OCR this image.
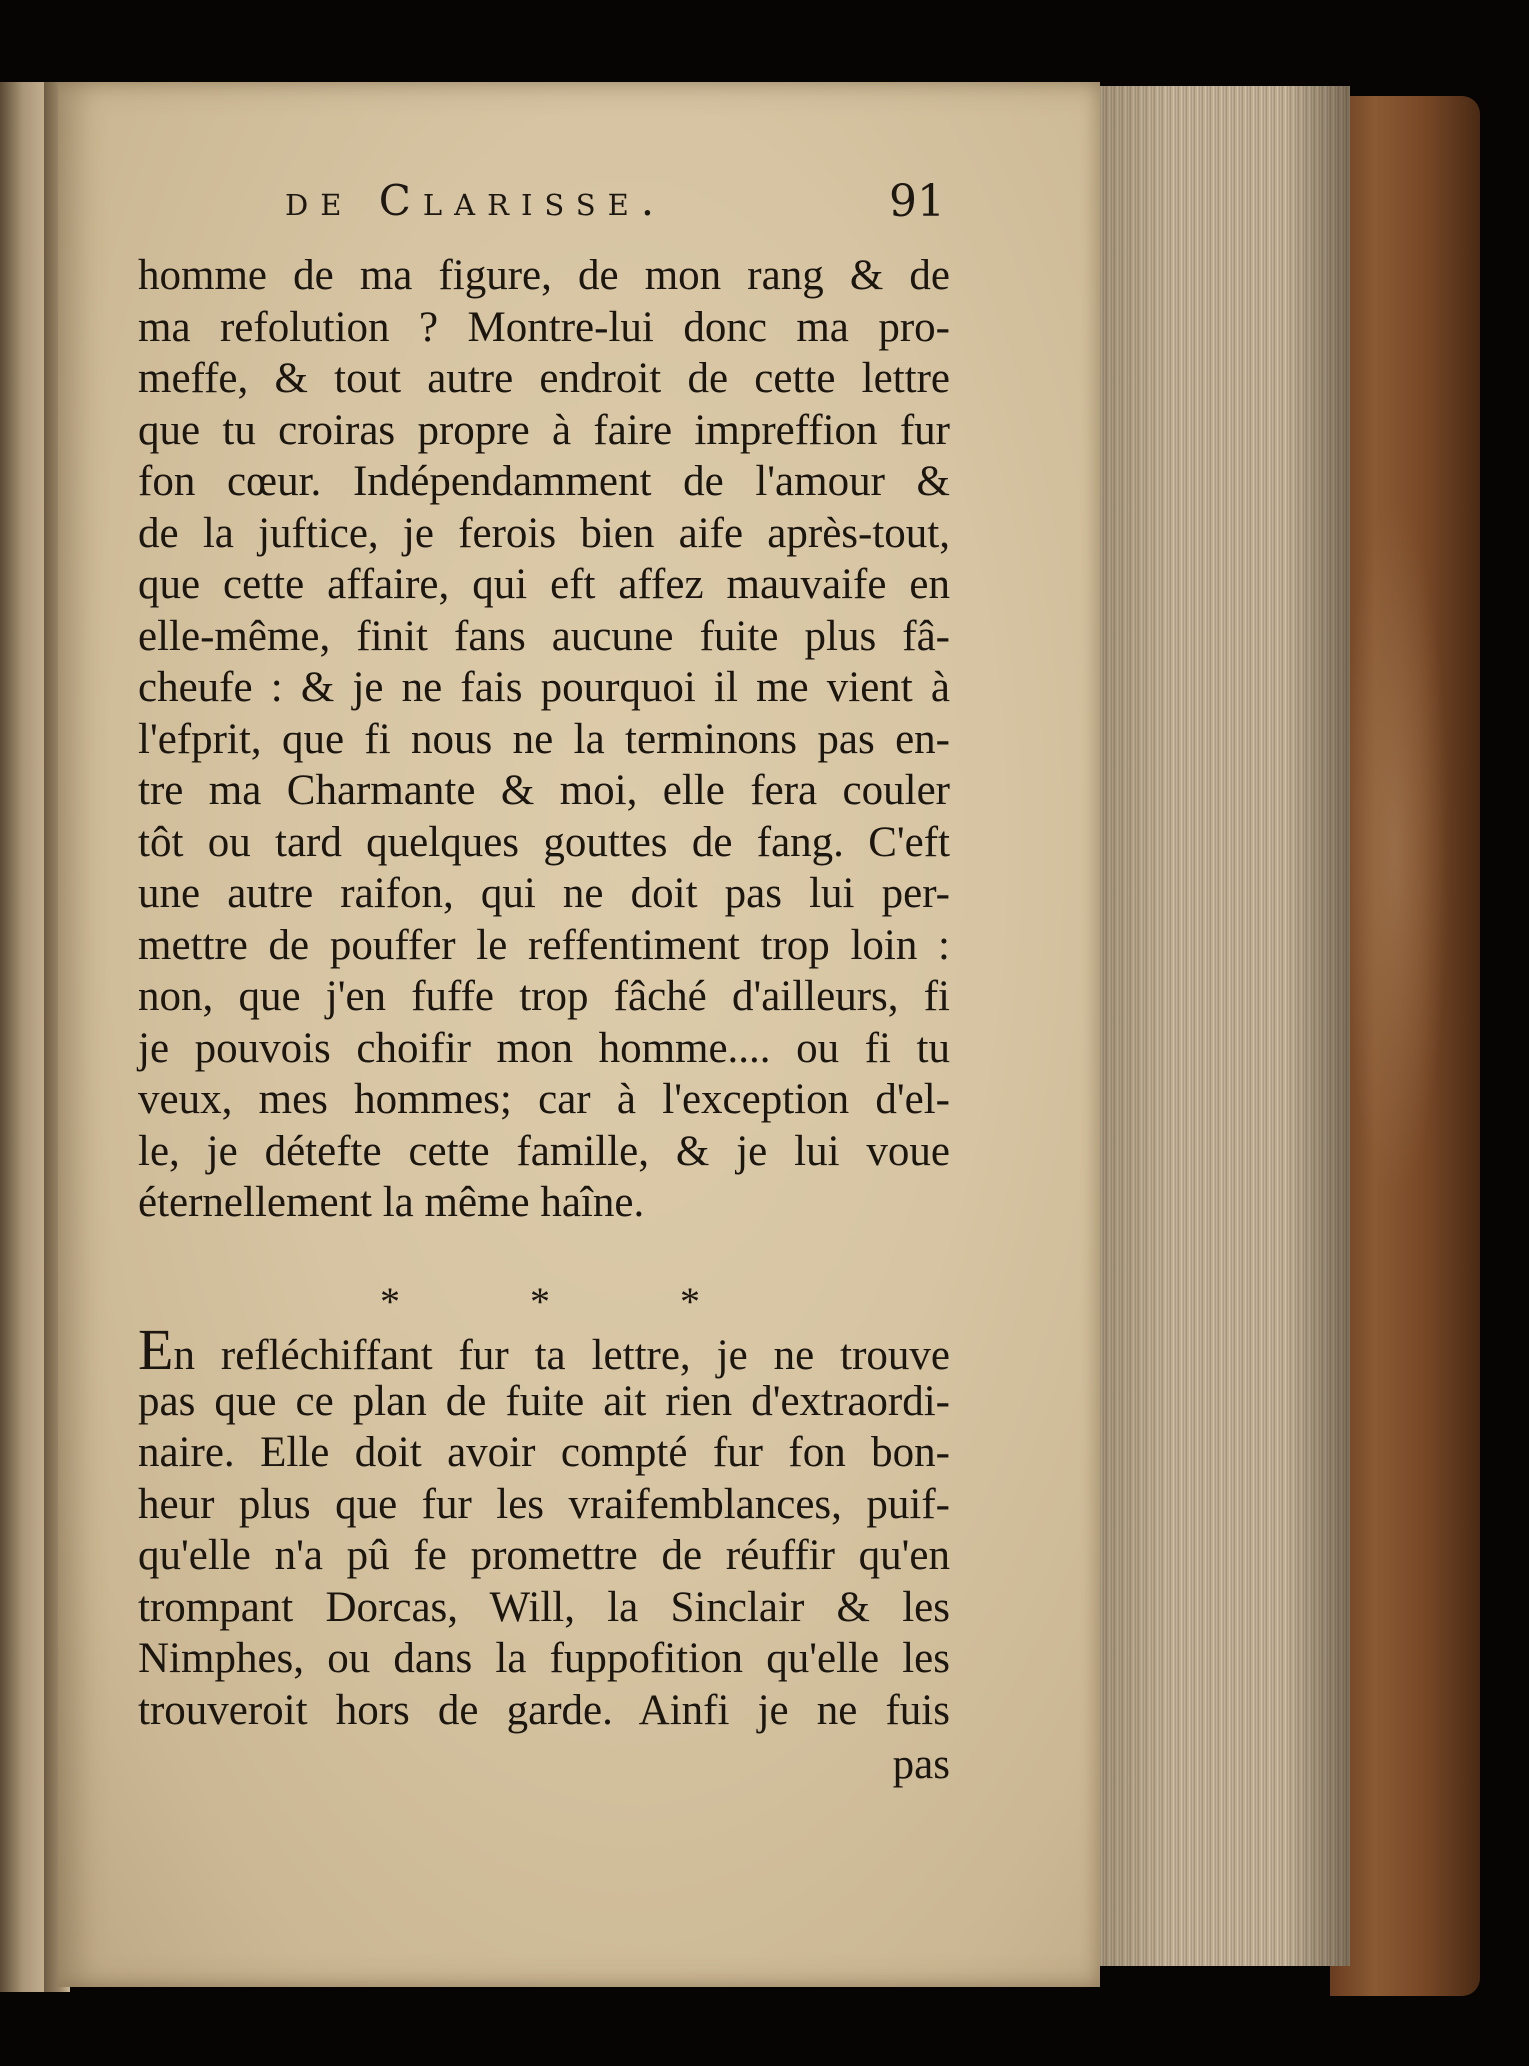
de Clarisse.	91
homme de ma figure, de mon rang & de
ma refolution ? Montre-lui donc ma pro-
meffe, & tout autre endroit de cette lettre
que tu croiras propre à faire impreffion fur
fon cœur. Indépendamment de l'amour &
de la juftice, je ferois bien aife après-tout,
que cette affaire, qui eft affez mauvaife en
elle-même, finit fans aucune fuite plus fâ-
cheufe : & je ne fais pourquoi il me vient à
l'efprit, que fi nous ne la terminons pas en-
tre ma Charmante & moi, elle fera couler
tôt ou tard quelques gouttes de fang. C'eft
une autre raifon, qui ne doit pas lui per-
mettre de pouffer le reffentiment trop loin :
non, que j'en fuffe trop fâché d'ailleurs, fi
je pouvois choifir mon homme.... ou fi tu
veux, mes hommes; car à l'exception d'el-
le, je détefte cette famille, & je lui voue
éternellement la même haîne.
*	*	*
En refléchiffant fur ta lettre, je ne trouve
pas que ce plan de fuite ait rien d'extraordi-
naire. Elle doit avoir compté fur fon bon-
heur plus que fur les vraifemblances, puif-
qu'elle n'a pû fe promettre de réuffir qu'en
trompant Dorcas, Will, la Sinclair & les
Nimphes, ou dans la fuppofition qu'elle les
trouveroit hors de garde. Ainfi je ne fuis
pas
